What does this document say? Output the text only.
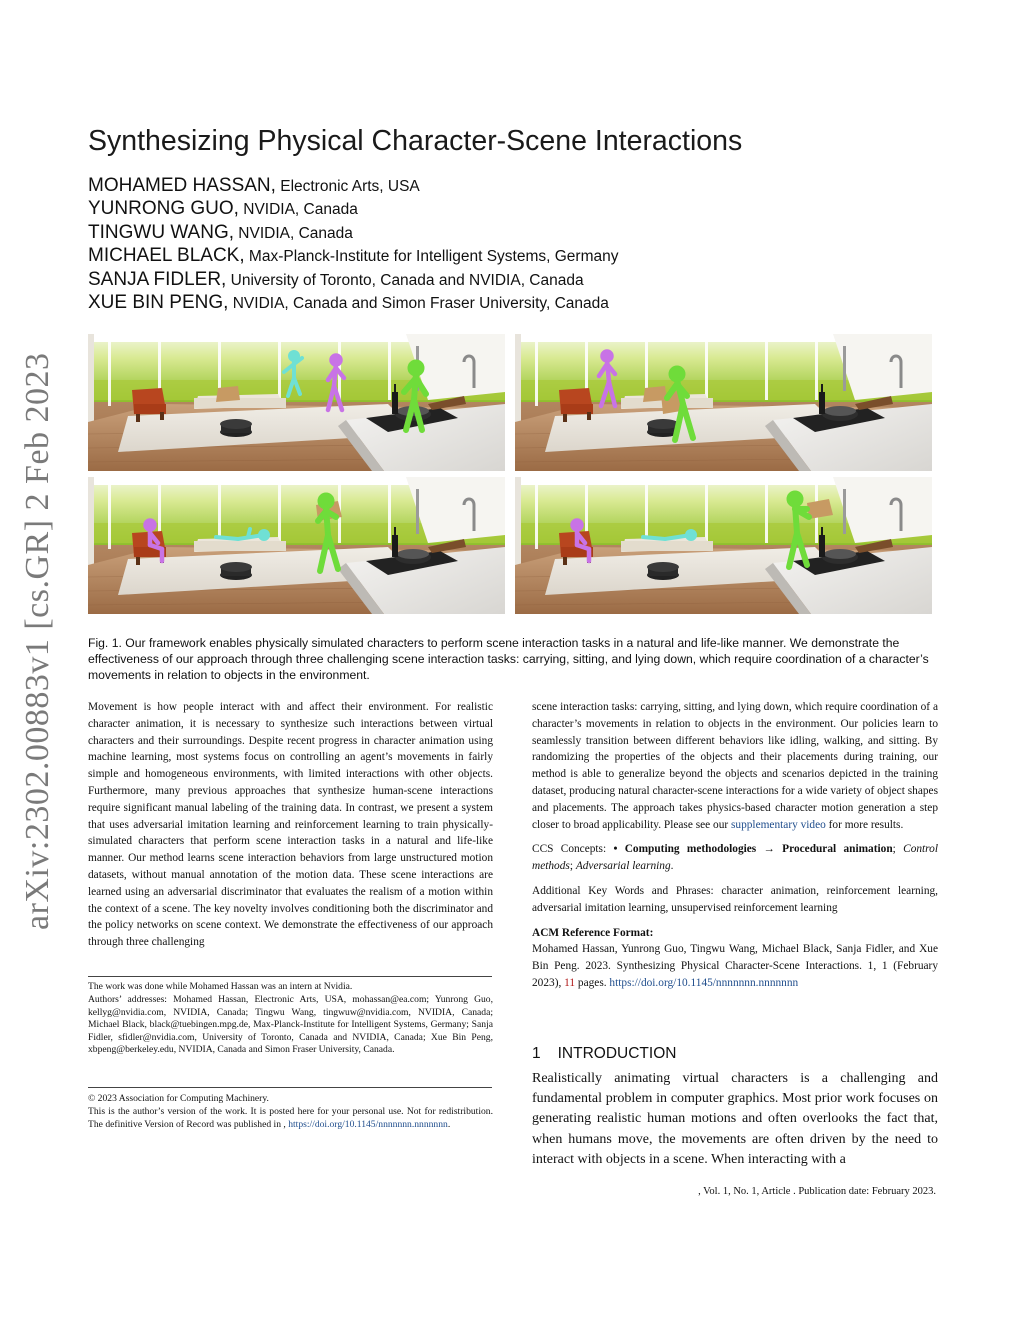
arXiv:2302.00883v1 [cs.GR] 2 Feb 2023
Synthesizing Physical Character-Scene Interactions
MOHAMED HASSAN, Electronic Arts, USA
YUNRONG GUO, NVIDIA, Canada
TINGWU WANG, NVIDIA, Canada
MICHAEL BLACK, Max-Planck-Institute for Intelligent Systems, Germany
SANJA FIDLER, University of Toronto, Canada and NVIDIA, Canada
XUE BIN PENG, NVIDIA, Canada and Simon Fraser University, Canada
Fig. 1. Our framework enables physically simulated characters to perform scene interaction tasks in a natural and life-like manner. We demonstrate the effectiveness of our approach through three challenging scene interaction tasks: carrying, sitting, and lying down, which require coordination of a character’s movements in relation to objects in the environment.

Movement is how people interact with and affect their environment. For realistic character animation, it is necessary to synthesize such interactions between virtual characters and their surroundings. Despite recent progress in character animation using machine learning, most systems focus on controlling an agent’s movements in fairly simple and homogeneous environments, with limited interactions with other objects. Furthermore, many previous approaches that synthesize human-scene interactions require significant manual labeling of the training data. In contrast, we present a system that uses adversarial imitation learning and reinforcement learning to train physically-simulated characters that perform scene interaction tasks in a natural and life-like manner. Our method learns scene interaction behaviors from large unstructured motion datasets, without manual annotation of the motion data. These scene interactions are learned using an adversarial discriminator that evaluates the realism of a motion within the context of a scene. The key novelty involves conditioning both the discriminator and the policy networks on scene context. We demonstrate the effectiveness of our approach through three challenging

The work was done while Mohamed Hassan was an intern at Nvidia.
Authors’ addresses: Mohamed Hassan, Electronic Arts, USA, mohassan@ea.com; Yunrong Guo, kellyg@nvidia.com, NVIDIA, Canada; Tingwu Wang, tingwuw@nvidia.com, NVIDIA, Canada; Michael Black, black@tuebingen.mpg.de, Max-Planck-Institute for Intelligent Systems, Germany; Sanja Fidler, sfidler@nvidia.com, University of Toronto, Canada and NVIDIA, Canada; Xue Bin Peng, xbpeng@berkeley.edu, NVIDIA, Canada and Simon Fraser University, Canada.
© 2023 Association for Computing Machinery.
This is the author’s version of the work. It is posted here for your personal use. Not for redistribution. The definitive Version of Record was published in , https://doi.org/10.1145/nnnnnnn.nnnnnnn.

scene interaction tasks: carrying, sitting, and lying down, which require coordination of a character’s movements in relation to objects in the environment. Our policies learn to seamlessly transition between different behaviors like idling, walking, and sitting. By randomizing the properties of the objects and their placements during training, our method is able to generalize beyond the objects and scenarios depicted in the training dataset, producing natural character-scene interactions for a wide variety of object shapes and placements. The approach takes physics-based character motion generation a step closer to broad applicability. Please see our supplementary video for more results.

CCS Concepts: • Computing methodologies → Procedural animation; Control methods; Adversarial learning.

Additional Key Words and Phrases: character animation, reinforcement learning, adversarial imitation learning, unsupervised reinforcement learning

ACM Reference Format:
Mohamed Hassan, Yunrong Guo, Tingwu Wang, Michael Black, Sanja Fidler, and Xue Bin Peng. 2023. Synthesizing Physical Character-Scene Interactions. 1, 1 (February 2023), 11 pages. https://doi.org/10.1145/nnnnnnn.nnnnnnn

1 INTRODUCTION
Realistically animating virtual characters is a challenging and fundamental problem in computer graphics. Most prior work focuses on generating realistic human motions and often overlooks the fact that, when humans move, the movements are often driven by the need to interact with objects in a scene. When interacting with a
, Vol. 1, No. 1, Article . Publication date: February 2023.
